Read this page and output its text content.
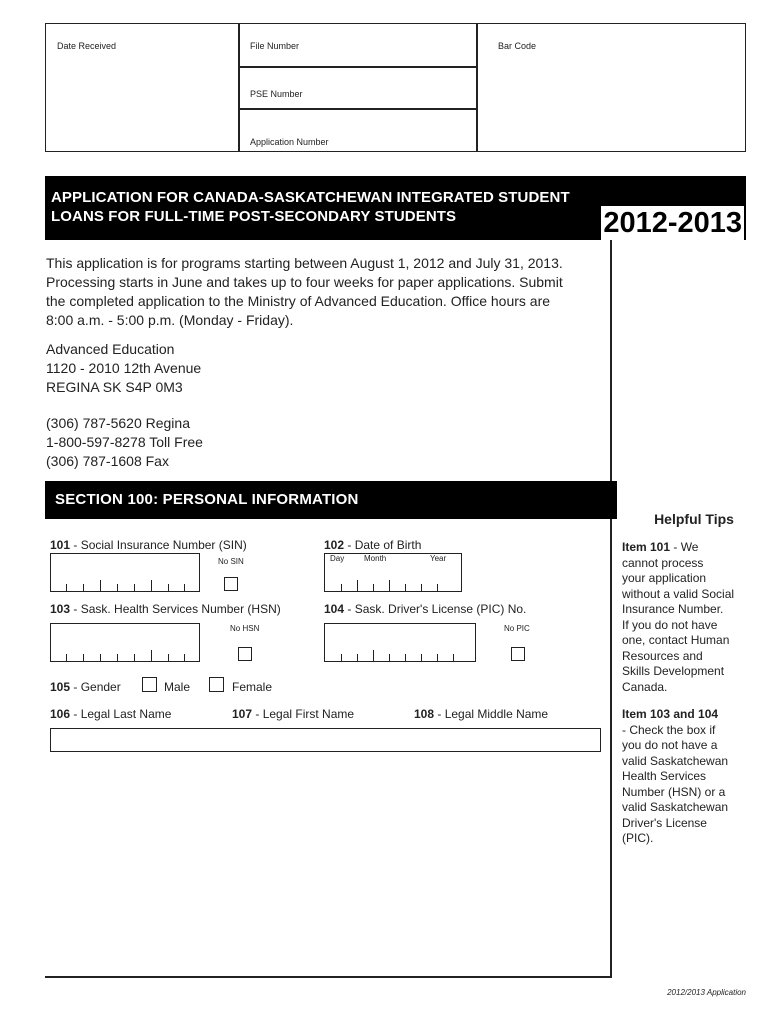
Date Received	File Number
PSE Number
Application Number
Bar Code
APPLICATION FOR CANADA-SASKATCHEWAN INTEGRATED STUDENT
LOANS FOR FULL-TIME POST-SECONDARY STUDENTS	2012-2013
This application is for programs starting between August 1, 2012 and July 31, 2013.
Processing starts in June and takes up to four weeks for paper applications. Submit
the completed application to the Ministry of Advanced Education. Office hours are
8:00 a.m. - 5:00 p.m. (Monday - Friday).
Advanced Education
1120 - 2010 12th Avenue
REGINA SK S4P 0M3
(306) 787-5620 Regina
1-800-597-8278 Toll Free
(306) 787-1608 Fax
SECTION 100: PERSONAL INFORMATION
101 - Social Insurance Number (SIN)
No SIN
102 - Date of Birth
Day Month	Year
103 - Sask. Health Services Number (HSN)
No HSN
104 - Sask. Driver's License (PIC) No.
No PIC
105 - Gender	Male	Female
106 - Legal Last Name	107 - Legal First Name	108 - Legal Middle Name
Helpful Tips
Item 101 - We
cannot process
your application
without a valid Social
Insurance Number.
If you do not have
one, contact Human
Resources and
Skills Development
Canada.
Item 103 and 104
- Check the box if
you do not have a
valid Saskatchewan
Health Services
Number (HSN) or a
valid Saskatchewan
Driver's License
(PIC).
2012/2013 Application
